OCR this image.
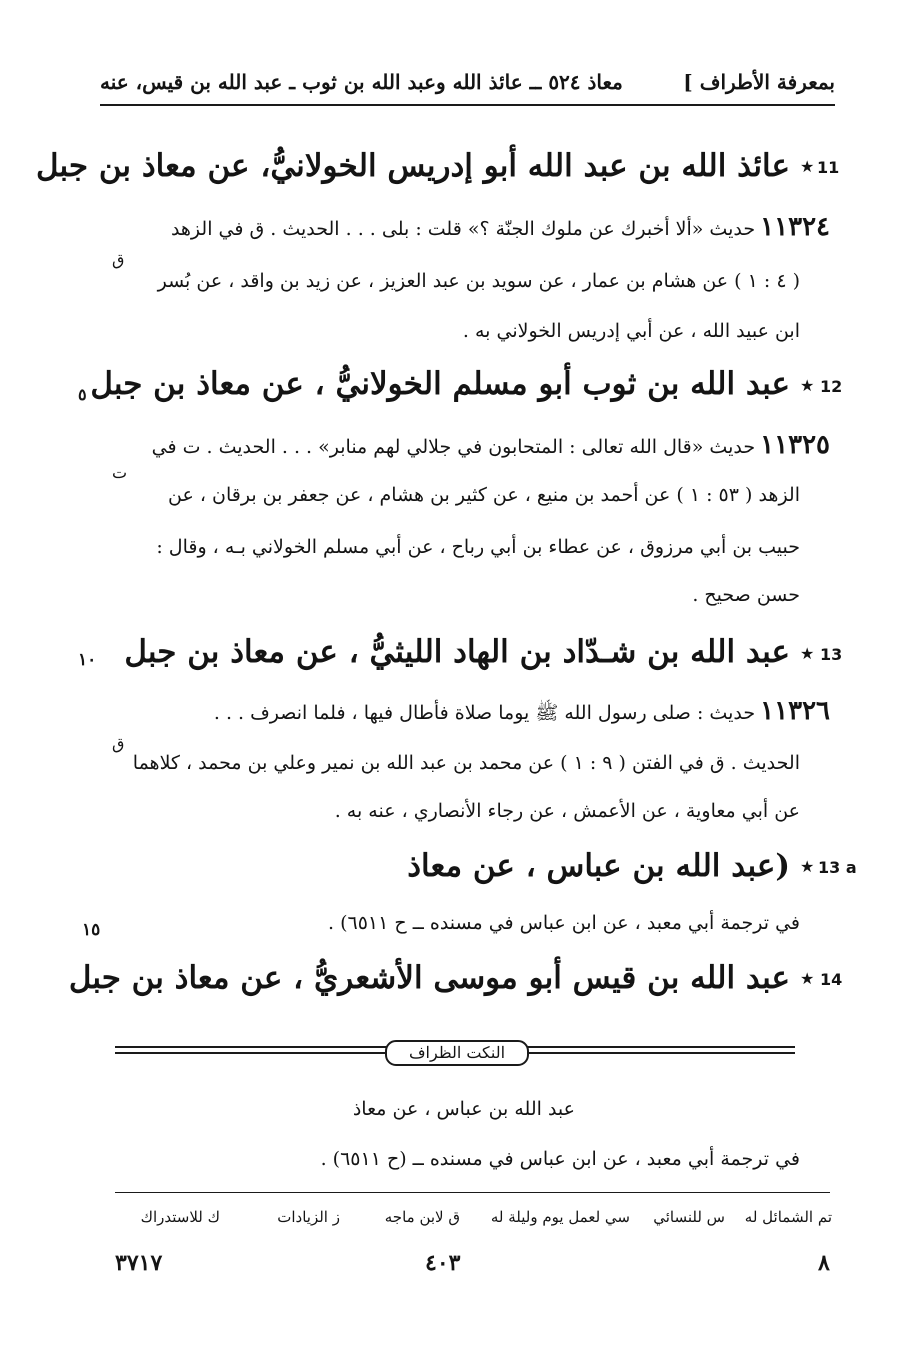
بمعرفة الأطراف ]
معاذ ٥٢٤ ــ عائذ الله وعبد الله بن ثوب ـ عبد الله بن قيس، عنه
11
★
عائذ الله بن عبد الله أبو إدريس الخولانيُّ، عن معاذ بن جبل
١١٣٢٤ حديث «ألا أخبرك عن ملوك الجنّة ؟» قلت : بلى . . . الحديث . ق في الزهد
ق
( ٤ : ١ ) عن هشام بن عمار ، عن سويد بن عبد العزيز ، عن زيد بن واقد ، عن بُسر
ابن عبيد الله ، عن أبي إدريس الخولاني به .
٥	12
★
عبد الله بن ثوب أبو مسلم الخولانيُّ ، عن معاذ بن جبل
١١٣٢٥ حديث «قال الله تعالى : المتحابون في جلالي لهم منابر» . . . الحديث . ت في
ت
الزهد ( ٥٣ : ١ ) عن أحمد بن منيع ، عن كثير بن هشام ، عن جعفر بن برقان ، عن
حبيب بن أبي مرزوق ، عن عطاء بن أبي رباح ، عن أبي مسلم الخولاني بـه ، وقال :
حسن صحيح .
١٠	13
★
عبد الله بن شـدّاد بن الهاد الليثيُّ ، عن معاذ بن جبل
١١٣٢٦ حديث : صلى رسول الله ﷺ يوما صلاة فأطال فيها ، فلما انصرف . . .
ق
الحديث . ق في الفتن ( ٩ : ١ ) عن محمد بن عبد الله بن نمير وعلي بن محمد ، كلاهما
عن أبي معاوية ، عن الأعمش ، عن رجاء الأنصاري ، عنه به .
13 a
★
(عبد الله بن عباس ، عن معاذ
١٥	في ترجمة أبي معبد ، عن ابن عباس في مسنده ــ ح ٦٥١١) .
14
★
عبد الله بن قيس أبو موسى الأشعريُّ ، عن معاذ بن جبل
النكت الظراف
عبد الله بن عباس ، عن معاذ
في ترجمة أبي معبد ، عن ابن عباس في مسنده ــ (ح ٦٥١١) .
تم الشمائل له
س للنسائي
سي لعمل يوم وليلة له
ق لابن ماجه
ز الزيادات
ك للاستدراك
٨
٤٠٣
٣٧١٧
